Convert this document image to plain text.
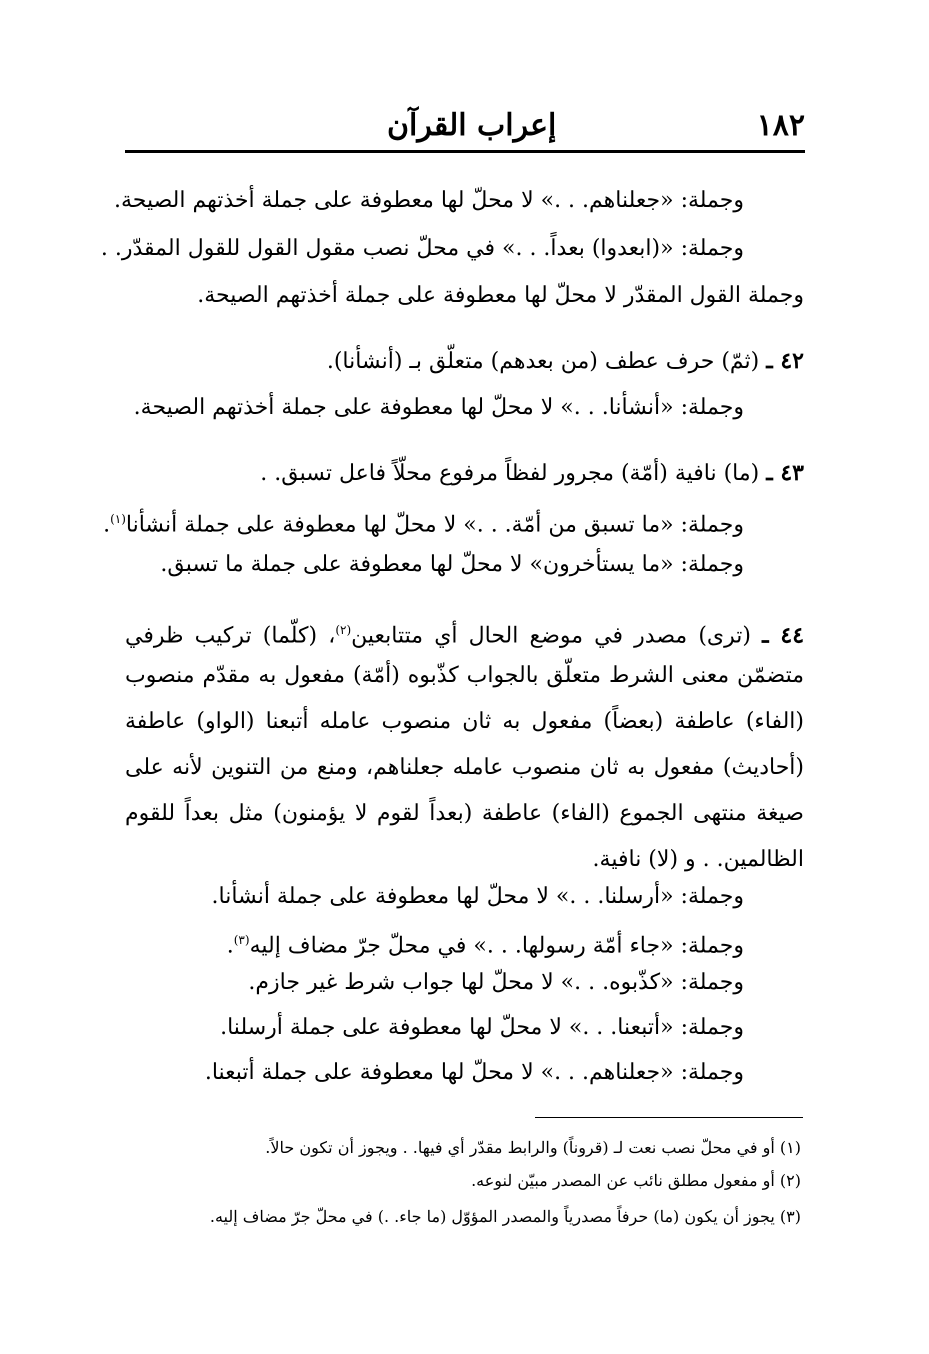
١٨٢
إعراب القرآن
وجملة: «جعلناهم. . .» لا محلّ لها معطوفة على جملة أخذتهم الصيحة.
وجملة: «(ابعدوا) بعداً. . .» في محلّ نصب مقول القول للقول المقدّر. .
وجملة القول المقدّر لا محلّ لها معطوفة على جملة أخذتهم الصيحة.
٤٢ ـ (ثمّ) حرف عطف (من بعدهم) متعلّق بـ (أنشأنا).
وجملة: «أنشأنا. . .» لا محلّ لها معطوفة على جملة أخذتهم الصيحة.
٤٣ ـ (ما) نافية (أمّة) مجرور لفظاً مرفوع محلّاً فاعل تسبق. .
وجملة: «ما تسبق من أمّة. . .» لا محلّ لها معطوفة على جملة أنشأنا$^{(١)}$.
وجملة: «ما يستأخرون» لا محلّ لها معطوفة على جملة ما تسبق.
٤٤ ـ (ترى) مصدر في موضع الحال أي متتابعين$^{(٢)}$، (كلّما) تركيب ظرفي
متضمّن معنى الشرط متعلّق بالجواب كذّبوه (أمّة) مفعول به مقدّم منصوب
(الفاء) عاطفة (بعضاً) مفعول به ثان منصوب عامله أتبعنا (الواو) عاطفة
(أحاديث) مفعول به ثان منصوب عامله جعلناهم، ومنع من التنوين لأنه على
صيغة منتهى الجموع (الفاء) عاطفة (بعداً لقوم لا يؤمنون) مثل بعداً للقوم
الظالمين. . و (لا) نافية.
وجملة: «أرسلنا. . .» لا محلّ لها معطوفة على جملة أنشأنا.
وجملة: «جاء أمّة رسولها. . .» في محلّ جرّ مضاف إليه$^{(٣)}$.
وجملة: «كذّبوه. . .» لا محلّ لها جواب شرط غير جازم.
وجملة: «أتبعنا. . .» لا محلّ لها معطوفة على جملة أرسلنا.
وجملة: «جعلناهم. . .» لا محلّ لها معطوفة على جملة أتبعنا.
(١) أو في محلّ نصب نعت لـ (قروناً) والرابط مقدّر أي فيها. . ويجوز أن تكون حالاً.
(٢) أو مفعول مطلق نائب عن المصدر مبيّن لنوعه.
(٣) يجوز أن يكون (ما) حرفاً مصدرياً والمصدر المؤوّل (ما جاء. .) في محلّ جرّ مضاف إليه.
